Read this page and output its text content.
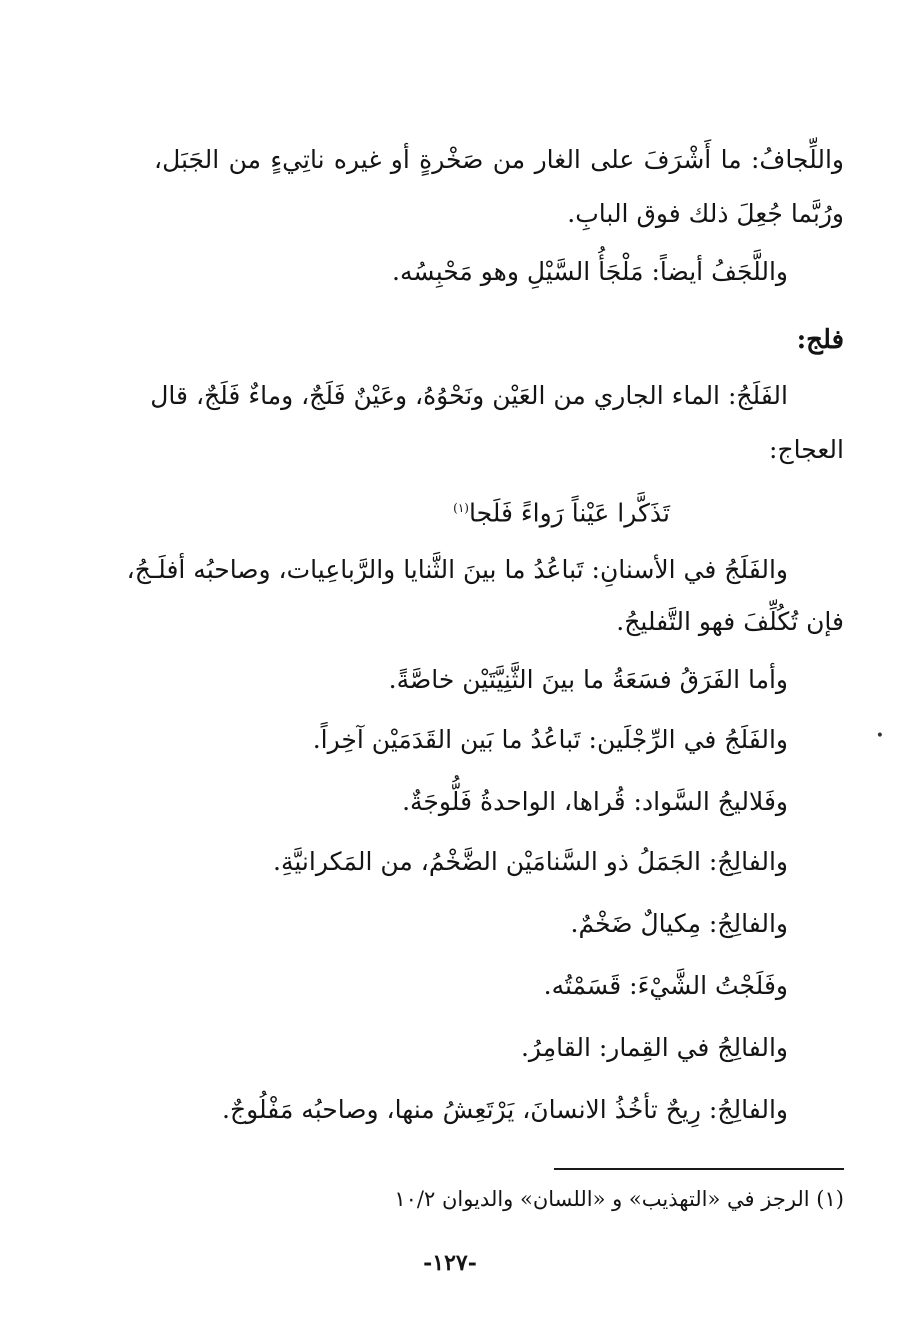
واللِّجافُ: ما أَشْرَفَ على الغار من صَخْرةٍ أو غيره ناتِيءٍ من الجَبَل،
ورُبَّما جُعِلَ ذلك فوق البابِ.
واللَّجَفُ أيضاً: مَلْجَأُ السَّيْلِ وهو مَحْبِسُه.
فلج:
الفَلَجُ: الماء الجاري من العَيْن ونَحْوُهُ، وعَيْنٌ فَلَجٌ، وماءٌ فَلَجٌ، قال
العجاج:
تَذَكَّرا عَيْناً رَواءً فَلَجا$^{(١)}$
والفَلَجُ في الأسنانِ: تَباعُدُ ما بينَ الثَّنايا والرَّباعِيات، وصاحبُه أفلَـجُ،
فإن تُكُلِّفَ فهو التَّفليجُ.
وأما الفَرَقُ فسَعَةُ ما بينَ الثَّنِيَّتَيْن خاصَّةً.
والفَلَجُ في الرِّجْلَين: تَباعُدُ ما بَين القَدَمَيْن آخِراً.
وفَلاليجُ السَّواد: قُراها، الواحدةُ فَلُّوجَةٌ.
والفالِجُ: الجَمَلُ ذو السَّنامَيْن الضَّخْمُ، من المَكرانيَّةِ.
والفالِجُ: مِكيالٌ ضَخْمٌ.
وفَلَجْتُ الشَّيْءَ: قَسَمْتُه.
والفالِجُ في القِمار: القامِرُ.
والفالِجُ: رِيحٌ تأخُذُ الانسانَ، يَرْتَعِشُ منها، وصاحبُه مَفْلُوجٌ.
•
(١) الرجز في «التهذيب» و «اللسان» والديوان ١٠/٢
-١٢٧-
